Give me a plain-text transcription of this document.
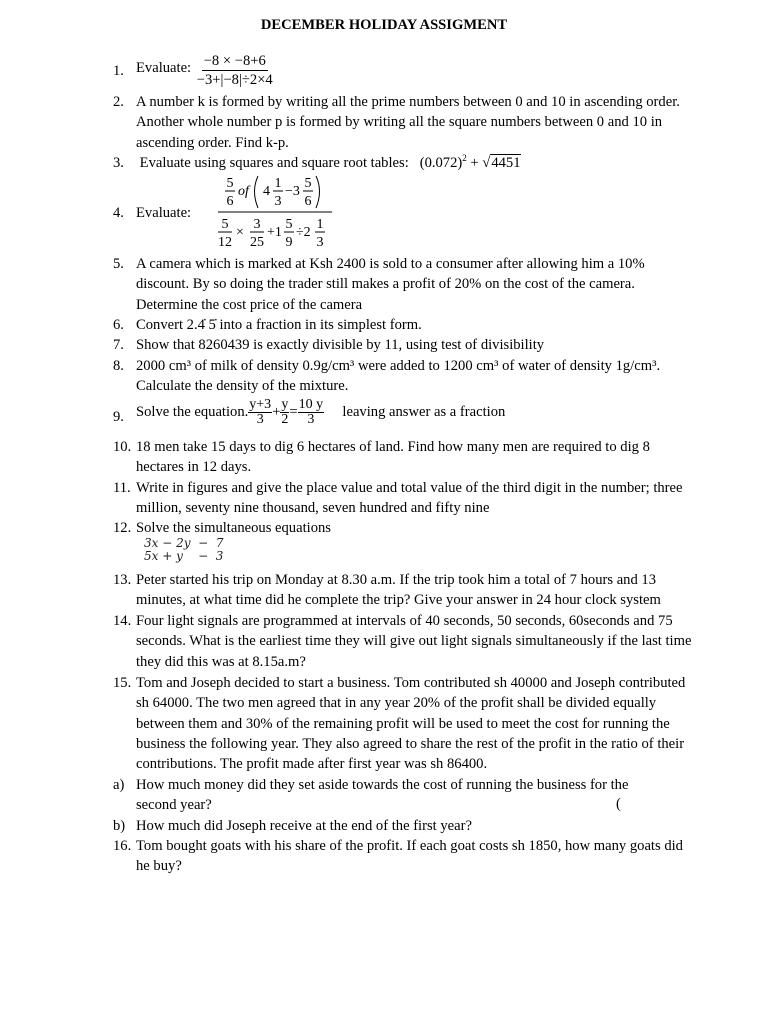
DECEMBER HOLIDAY ASSIGMENT
1. Evaluate: $\frac{-8 \times -8+6}{-3+|-8|\div 2\times 4}$
2. A number k is formed by writing all the prime numbers between 0 and 10 in ascending order. Another whole number p is formed by writing all the square numbers between 0 and 10 in ascending order. Find k-p.
3.	Evaluate using squares and square root tables: $(0.072)^2 + √4451$
4. Evaluate:
5
6
of 4
1
3
−3
5
6
5
12
×
3
25
+1
5
9
÷2
1
3
5. A camera which is marked at Ksh 2400 is sold to a consumer after allowing him a 10% discount. By so doing the trader still makes a profit of 20% on the cost of the camera. Determine the cost price of the camera
6. Convert 2.4̇ 5̇ into a fraction in its simplest form.
7. Show that 8260439 is exactly divisible by 11, using test of divisibility
8. 2000 cm³ of milk of density 0.9g/cm³ were added to 1200 cm³ of water of density 1g/cm³. Calculate the density of the mixture.
9. Solve the equation. $\frac{y+3}{3} + \frac{y}{2} = \frac{10 y}{3}$ leaving answer as a fraction
10. 18 men take 15 days to dig 6 hectares of land. Find how many men are required to dig 8 hectares in 12 days.
11. Write in figures and give the place value and total value of the third digit in the number; three million, seventy nine thousand, seven hundred and fifty nine
12. Solve the simultaneous equations
3x − 2y  −  7
5x + y    −  3
13. Peter started his trip on Monday at 8.30 a.m. If the trip took him a total of 7 hours and 13 minutes, at what time did he complete the trip? Give your answer in 24 hour clock system
14. Four light signals are programmed at intervals of 40 seconds, 50 seconds, 60seconds and 75 seconds. What is the earliest time they will give out light signals simultaneously if the last time they did this was at 8.15a.m?
15. Tom and Joseph decided to start a business. Tom contributed sh 40000 and Joseph contributed sh 64000. The two men agreed that in any year 20% of the profit shall be divided equally between them and 30% of the remaining profit will be used to meet the cost for running the business the following year. They also agreed to share the rest of the profit in the ratio of their contributions. The profit made after first year was sh 86400.
a) How much money did they set aside towards the cost of running the business for the second year?	(
b) How much did Joseph receive at the end of the first year?
16. Tom bought goats with his share of the profit. If each goat costs sh 1850, how many goats did he buy?
